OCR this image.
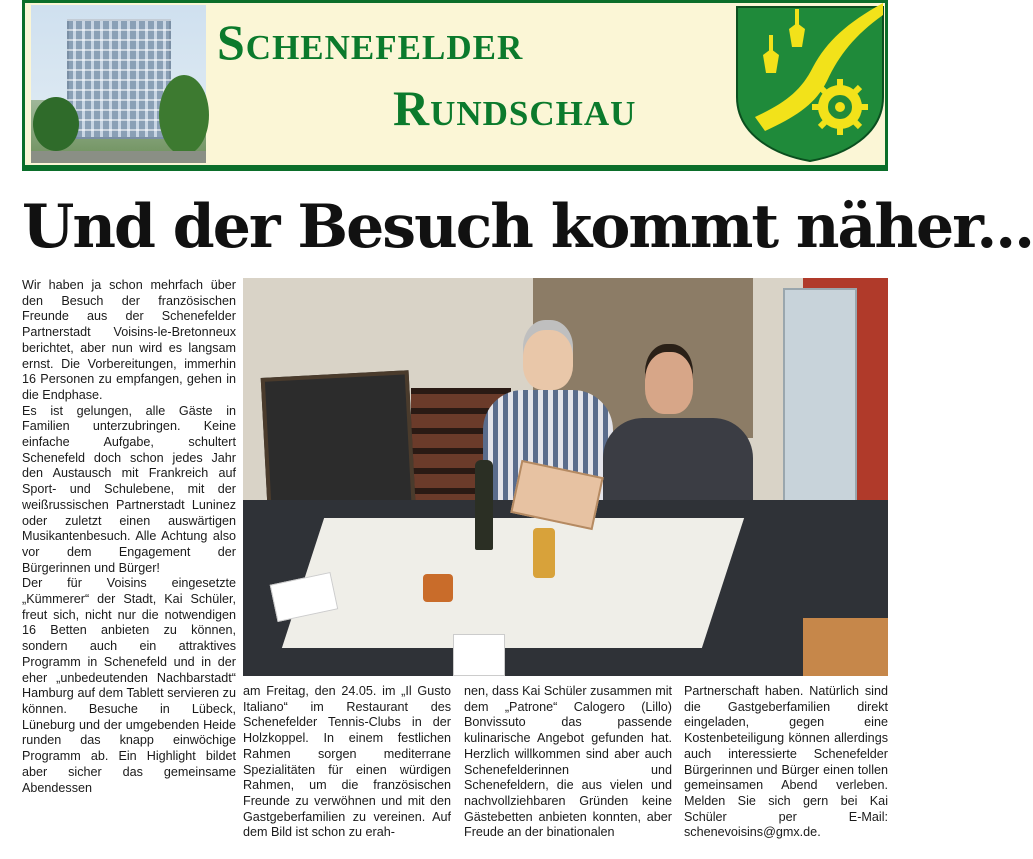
Schenefelder
Rundschau
Und der Besuch kommt näher...

Wir haben ja schon mehrfach über den Besuch der französischen Freunde aus der Schenefelder Partnerstadt Voisins-le-Bretonneux berichtet, aber nun wird es langsam ernst. Die Vorbereitungen, immerhin 16 Personen zu empfangen, gehen in die Endphase.

Es ist gelungen, alle Gäste in Familien unterzubringen. Keine einfache Aufgabe, schultert Schenefeld doch schon jedes Jahr den Austausch mit Frankreich auf Sport- und Schulebene, mit der weißrussischen Partnerstadt Luninez oder zuletzt einen auswärtigen Musikantenbesuch. Alle Achtung also vor dem Engagement der Bürgerinnen und Bürger!

Der für Voisins eingesetzte „Kümmerer“ der Stadt, Kai Schüler, freut sich, nicht nur die notwendigen 16 Betten anbieten zu können, sondern auch ein attraktives Programm in Schenefeld und in der eher „unbedeutenden Nachbarstadt“ Hamburg auf dem Tablett servieren zu können. Besuche in Lübeck, Lüneburg und der umgebenden Heide runden das knapp einwöchige Programm ab. Ein Highlight bildet aber sicher das gemeinsame Abendessen

am Freitag, den 24.05. im „Il Gusto Italiano“ im Restaurant des Schenefelder Tennis-Clubs in der Holzkoppel. In einem festlichen Rahmen sorgen mediterrane Spezialitäten für einen würdigen Rahmen, um die französischen Freunde zu verwöhnen und mit den Gastgeberfamilien zu vereinen. Auf dem Bild ist schon zu erah-

nen, dass Kai Schüler zusammen mit dem „Patrone“ Calogero (Lillo) Bonvissuto das passende kulinarische Angebot gefunden hat. Herzlich willkommen sind aber auch Schenefelderinnen und Schenefeldern, die aus vielen und nachvollziehbaren Gründen keine Gästebetten anbieten konnten, aber Freude an der binationalen

Partnerschaft haben. Natürlich sind die Gastgeberfamilien direkt eingeladen, gegen eine Kostenbeteiligung können allerdings auch interessierte Schenefelder Bürgerinnen und Bürger einen tollen gemeinsamen Abend verleben. Melden Sie sich gern bei Kai Schüler per E-Mail: schenevoisins@gmx.de.
